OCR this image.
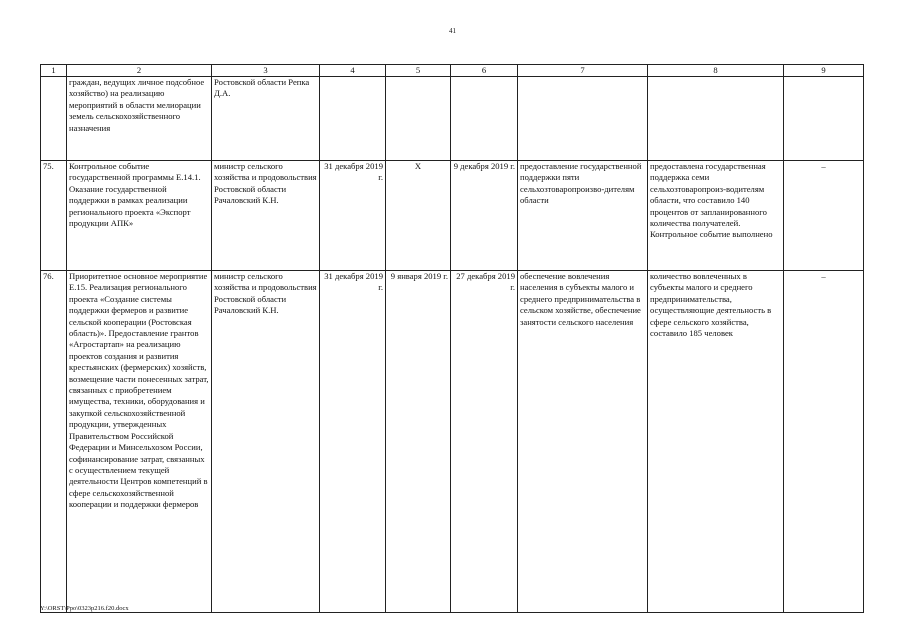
41
1	2	3	4	5	6	7	8	9
	граждан, ведущих личное подсобное хозяйство) на реализацию мероприятий в области мелиорации земель сельскохозяйственного назначения	Ростовской области Репка Д.А.						
75.	Контрольное событие государственной программы Е.14.1. Оказание государственной поддержки в рамках реализации регионального проекта «Экспорт продукции АПК»	министр сельского хозяйства и продовольствия Ростовской области Рачаловский К.Н.	31 декабря 2019 г.	Х	9 декабря 2019 г.	предоставление государственной поддержки пяти сельхозтоваропроизво-дителям области	предоставлена государственная поддержка семи сельхозтоваропроиз-водителям области, что составило 140 процентов от запланированного количества получателей. Контрольное событие выполнено	–
76.	Приоритетное основное мероприятие Е.15. Реализация регионального проекта «Создание системы поддержки фермеров и развитие сельской кооперации (Ростовская область)». Предоставление грантов «Агростартап» на реализацию проектов создания и развития крестьянских (фермерских) хозяйств, возмещение части понесенных затрат, связанных с приобретением имущества, техники, оборудования и закупкой сельскохозяйственной продукции, утвержденных Правительством Российской Федерации и Минсельхозом России, софинансирование затрат, связанных с осуществлением текущей деятельности Центров компетенций в сфере сельскохозяйственной кооперации и поддержки фермеров	министр сельского хозяйства и продовольствия Ростовской области Рачаловский К.Н.	31 декабря 2019 г.	9 января 2019 г.	27 декабря 2019 г.	обеспечение вовлечения населения в субъекты малого и среднего предпринимательства в сельском хозяйстве, обеспечение занятости сельского населения	количество вовлеченных в субъекты малого и среднего предпринимательства, осуществляющие деятельность в сфере сельского хозяйства, составило 185 человек	–
Y:\ORST\Ppo\0323p216.f20.docx
